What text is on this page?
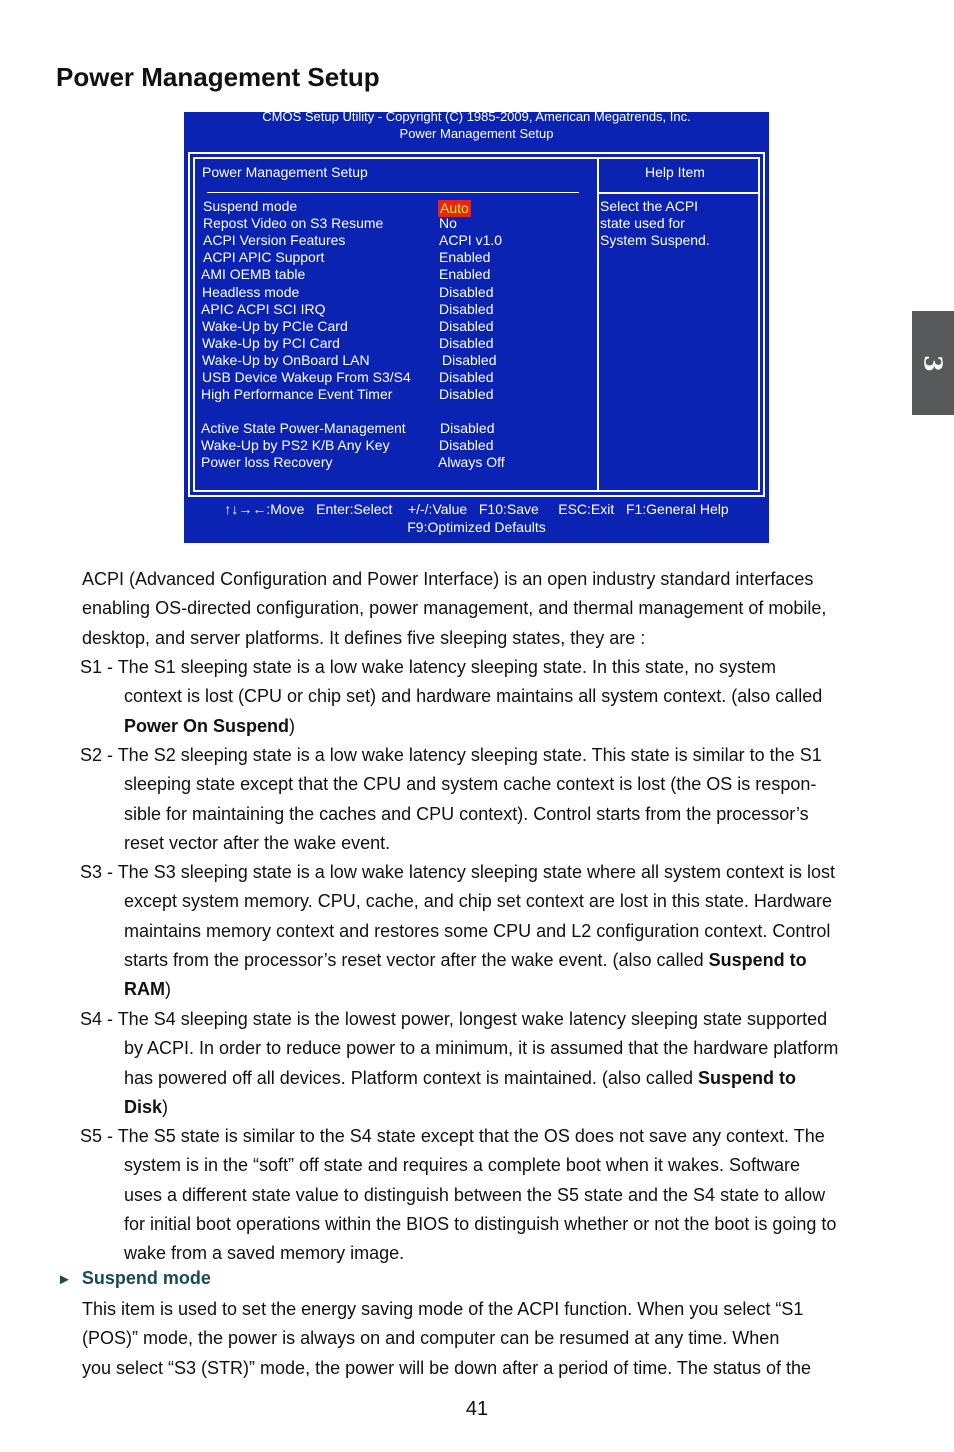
Power Management Setup
3
CMOS Setup Utility - Copyright (C) 1985-2009, American Megatrends, Inc.
Power Management Setup
Power Management Setup	Help Item
Select the ACPI
state used for
System Suspend.
Suspend mode	Auto
Repost Video on S3 Resume	No
ACPI Version Features	ACPI v1.0
ACPI APIC Support	Enabled
AMI OEMB table	Enabled
Headless mode	Disabled
APIC ACPI SCI IRQ	Disabled
Wake-Up by PCIe Card	Disabled
Wake-Up by PCI Card	Disabled
Wake-Up by OnBoard LAN	Disabled
USB Device Wakeup From S3/S4 Disabled
High Performance Event Timer	Disabled
Active State Power-Management Disabled
Wake-Up by PS2 K/B Any Key	Disabled
Power loss Recovery	Always Off
↑↓→←:Move   Enter:Select    +/-/:Value   F10:Save     ESC:Exit   F1:General Help
F9:Optimized Defaults
ACPI (Advanced Configuration and Power Interface) is an open industry standard interfaces
enabling OS-directed configuration, power management, and thermal management of mobile,
desktop, and server platforms. It defines five sleeping states, they are :
S1 - The S1 sleeping state is a low wake latency sleeping state. In this state, no system
context is lost (CPU or chip set) and hardware maintains all system context. (also called
Power On Suspend)
S2 - The S2 sleeping state is a low wake latency sleeping state. This state is similar to the S1
sleeping state except that the CPU and system cache context is lost (the OS is respon-
sible for maintaining the caches and CPU context). Control starts from the processor’s
reset vector after the wake event.
S3 - The S3 sleeping state is a low wake latency sleeping state where all system context is lost
except system memory. CPU, cache, and chip set context are lost in this state. Hardware
maintains memory context and restores some CPU and L2 configuration context. Control
starts from the processor’s reset vector after the wake event. (also called Suspend to
RAM)
S4 - The S4 sleeping state is the lowest power, longest wake latency sleeping state supported
by ACPI. In order to reduce power to a minimum, it is assumed that the hardware platform
has powered off all devices. Platform context is maintained. (also called Suspend to
Disk)
S5 - The S5 state is similar to the S4 state except that the OS does not save any context. The
system is in the “soft” off state and requires a complete boot when it wakes. Software
uses a different state value to distinguish between the S5 state and the S4 state to allow
for initial boot operations within the BIOS to distinguish whether or not the boot is going to
wake from a saved memory image.
► Suspend mode
This item is used to set the energy saving mode of the ACPI function. When you select “S1
(POS)” mode, the power is always on and computer can be resumed at any time. When
you select “S3 (STR)” mode, the power will be down after a period of time. The status of the
41
